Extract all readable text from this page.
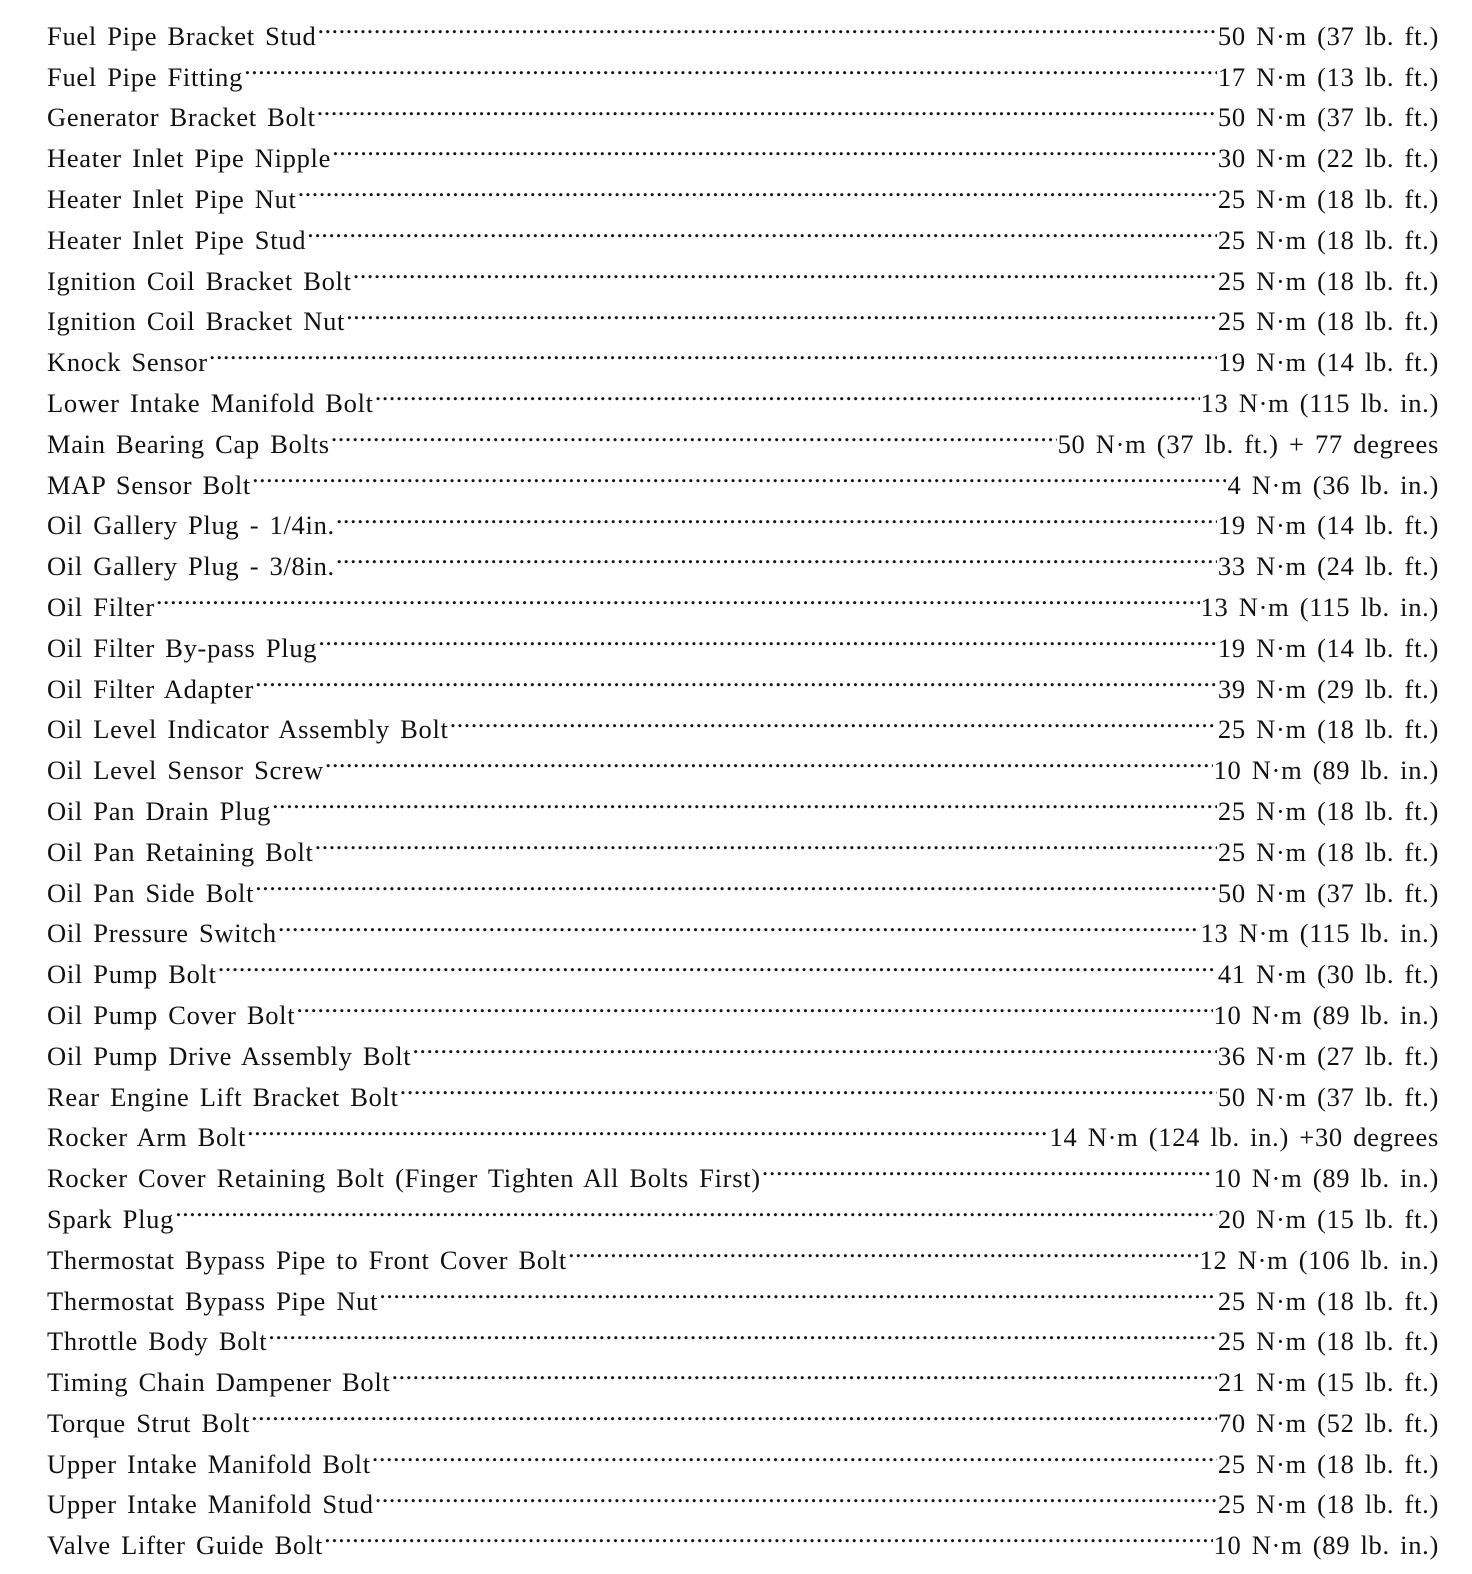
Fuel Pipe Bracket Stud .....	50 N·m (37 lb. ft.)
Fuel Pipe Fitting .....	17 N·m (13 lb. ft.)
Generator Bracket Bolt .....	50 N·m (37 lb. ft.)
Heater Inlet Pipe Nipple .....	30 N·m (22 lb. ft.)
Heater Inlet Pipe Nut .....	25 N·m (18 lb. ft.)
Heater Inlet Pipe Stud .....	25 N·m (18 lb. ft.)
Ignition Coil Bracket Bolt .....	25 N·m (18 lb. ft.)
Ignition Coil Bracket Nut .....	25 N·m (18 lb. ft.)
Knock Sensor .....	19 N·m (14 lb. ft.)
Lower Intake Manifold Bolt .....	13 N·m (115 lb. in.)
Main Bearing Cap Bolts .....	50 N·m (37 lb. ft.) + 77 degrees
MAP Sensor Bolt .....	4 N·m (36 lb. in.)
Oil Gallery Plug - 1/4in. .....	19 N·m (14 lb. ft.)
Oil Gallery Plug - 3/8in. .....	33 N·m (24 lb. ft.)
Oil Filter .....	13 N·m (115 lb. in.)
Oil Filter By-pass Plug .....	19 N·m (14 lb. ft.)
Oil Filter Adapter .....	39 N·m (29 lb. ft.)
Oil Level Indicator Assembly Bolt .....	25 N·m (18 lb. ft.)
Oil Level Sensor Screw .....	10 N·m (89 lb. in.)
Oil Pan Drain Plug .....	25 N·m (18 lb. ft.)
Oil Pan Retaining Bolt .....	25 N·m (18 lb. ft.)
Oil Pan Side Bolt .....	50 N·m (37 lb. ft.)
Oil Pressure Switch .....	13 N·m (115 lb. in.)
Oil Pump Bolt .....	41 N·m (30 lb. ft.)
Oil Pump Cover Bolt .....	10 N·m (89 lb. in.)
Oil Pump Drive Assembly Bolt .....	36 N·m (27 lb. ft.)
Rear Engine Lift Bracket Bolt .....	50 N·m (37 lb. ft.)
Rocker Arm Bolt .....	14 N·m (124 lb. in.) +30 degrees
Rocker Cover Retaining Bolt (Finger Tighten All Bolts First) .....	10 N·m (89 lb. in.)
Spark Plug .....	20 N·m (15 lb. ft.)
Thermostat Bypass Pipe to Front Cover Bolt .....	12 N·m (106 lb. in.)
Thermostat Bypass Pipe Nut .....	25 N·m (18 lb. ft.)
Throttle Body Bolt .....	25 N·m (18 lb. ft.)
Timing Chain Dampener Bolt .....	21 N·m (15 lb. ft.)
Torque Strut Bolt .....	70 N·m (52 lb. ft.)
Upper Intake Manifold Bolt .....	25 N·m (18 lb. ft.)
Upper Intake Manifold Stud .....	25 N·m (18 lb. ft.)
Valve Lifter Guide Bolt .....	10 N·m (89 lb. in.)
